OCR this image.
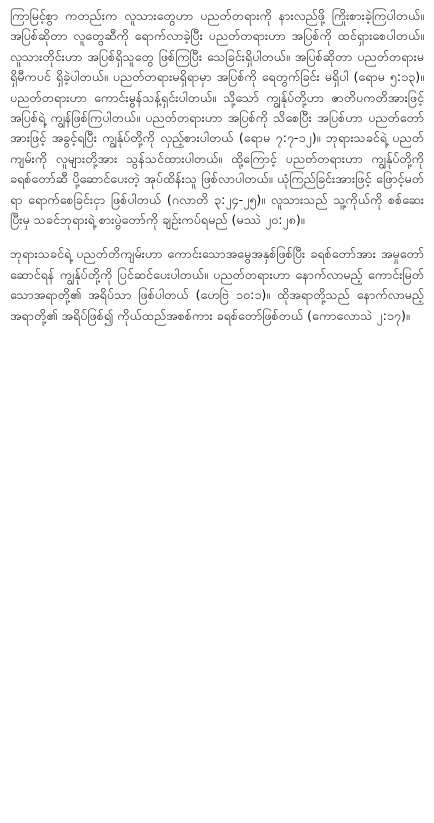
ကြာမြင့်စွာ ကတည်းက လူသားတွေဟာ ပညတ်တရားကို နားလည်ဖို့ ကြိုးစားခဲ့ကြပါတယ်။ အပြစ်ဆိုတာ လူတွေဆီကို ရောက်လာခဲ့ပြီး ပညတ်တရားဟာ အပြစ်ကို ထင်ရှားစေပါတယ်။ လူသားတိုင်းဟာ အပြစ်ရှိသူတွေ ဖြစ်ကြပြီး သေခြင်းရှိပါတယ်။ အပြစ်ဆိုတာ ပညတ်တရားမရှိမီကပင် ရှိခဲ့ပါတယ်။ ပညတ်တရားမရှိရာမှာ အပြစ်ကို ရေတွက်ခြင်း မရှိပါ (ရောမ ၅:၁၃)။ ပညတ်တရားဟာ ကောင်းမွန်သန့်ရှင်းပါတယ်။ သို့သော် ကျွန်ုပ်တို့ဟာ ဇာတိပကတိအားဖြင့် အပြစ်ရဲ့ ကျွန်ဖြစ်ကြပါတယ်။ ပညတ်တရားဟာ အပြစ်ကို သိစေပြီး အပြစ်ဟာ ပညတ်တော်အားဖြင့် အခွင့်ရပြီး ကျွန်ုပ်တို့ကို လှည့်စားပါတယ် (ရောမ ၇:၇-၁၂)။ ဘုရားသခင်ရဲ့ ပညတ်ကျမ်းကို လူများတို့အား သွန်သင်ထားပါတယ်။ ထို့ကြောင့် ပညတ်တရားဟာ ကျွန်ုပ်တို့ကို ခရစ်တော်ဆီ ပို့ဆောင်ပေးတဲ့ အုပ်ထိန်းသူ ဖြစ်လာပါတယ်။ ယုံကြည်ခြင်းအားဖြင့် ဖြောင့်မတ်ရာ ရောက်စေခြင်းငှာ ဖြစ်ပါတယ် (ဂလာတိ ၃:၂၄-၂၅)။ လူသားသည် သူ့ကိုယ်ကို စစ်ဆေးပြီးမှ သခင်ဘုရားရဲ့ စားပွဲတော်ကို ချဉ်းကပ်ရမည် (မဿဲ ၂၀:၂၈)။

ဘုရားသခင်ရဲ့ ပညတ်တိကျမ်းဟာ ကောင်းသောအမွေအနှစ်ဖြစ်ပြီး ခရစ်တော်အား အမှုတော်ဆောင်ရန် ကျွန်ုပ်တို့ကို ပြင်ဆင်ပေးပါတယ်။ ပညတ်တရားဟာ နောက်လာမည့် ကောင်းမြတ်သောအရာတို့၏ အရိပ်သာ ဖြစ်ပါတယ် (ဟေဗြဲ ၁၀:၁)။ ထိုအရာတို့သည် နောက်လာမည့် အရာတို့၏ အရိပ်ဖြစ်၍ ကိုယ်ထည်အစစ်ကား ခရစ်တော်ဖြစ်တယ် (ကောလောသဲ ၂:၁၇)။
